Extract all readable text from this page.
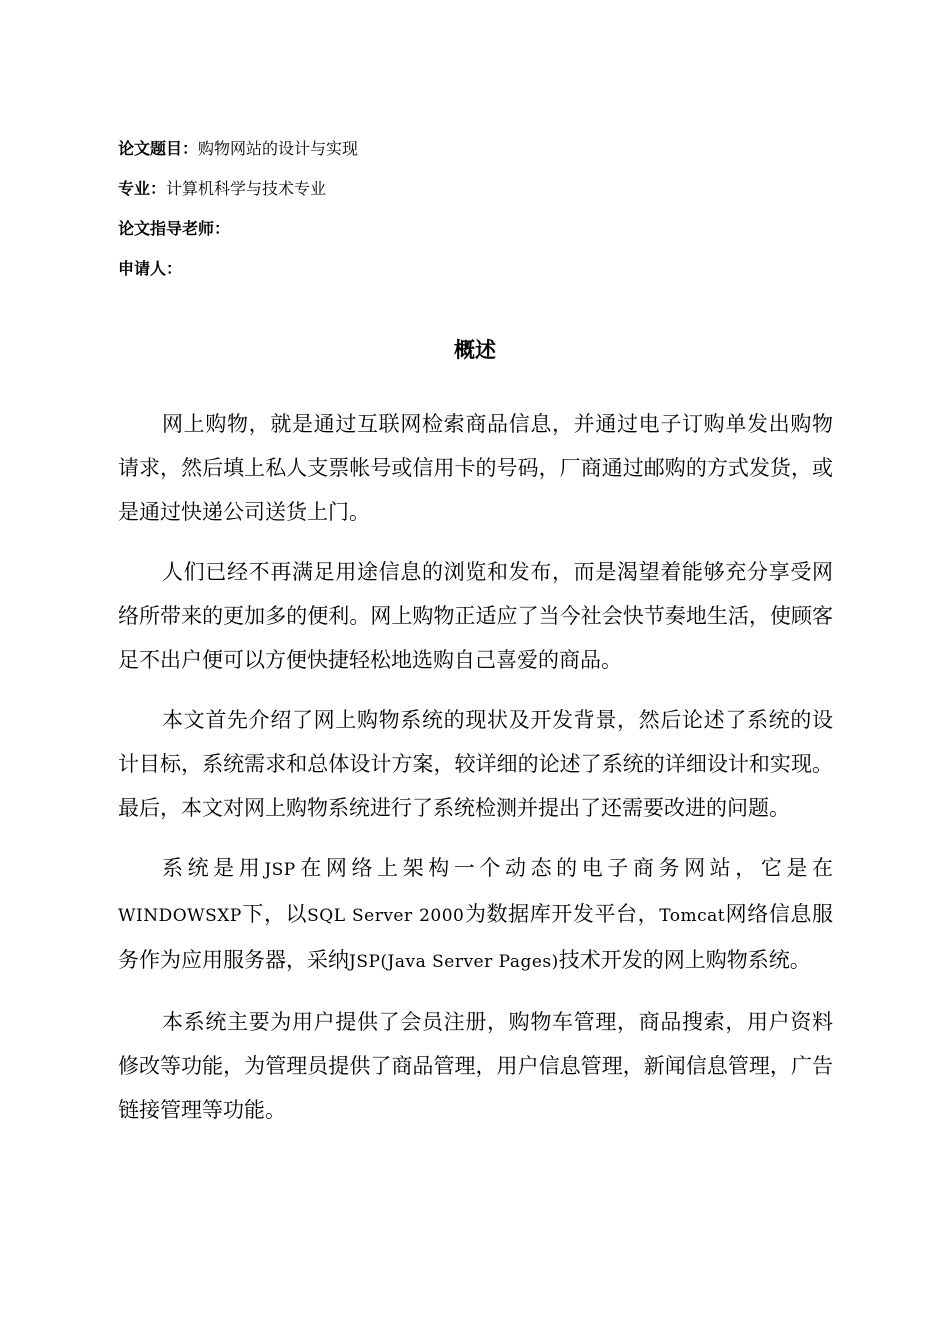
论文题目：购物网站的设计与实现
专业：计算机科学与技术专业
论文指导老师：
申请人：
概述

网上购物，就是通过互联网检索商品信息，并通过电子订购单发出购物请求，然后填上私人支票帐号或信用卡的号码，厂商通过邮购的方式发货，或是通过快递公司送货上门。

人们已经不再满足用途信息的浏览和发布，而是渴望着能够充分享受网络所带来的更加多的便利。网上购物正适应了当今社会快节奏地生活，使顾客足不出户便可以方便快捷轻松地选购自己喜爱的商品。

本文首先介绍了网上购物系统的现状及开发背景，然后论述了系统的设计目标，系统需求和总体设计方案，较详细的论述了系统的详细设计和实现。最后，本文对网上购物系统进行了系统检测并提出了还需要改进的问题。

系统是用JSP在网络上架构一个动态的电子商务网站，它是在WINDOWSXP下，以SQL Server 2000为数据库开发平台，Tomcat网络信息服务作为应用服务器，采纳JSP(Java Server Pages)技术开发的网上购物系统。

本系统主要为用户提供了会员注册，购物车管理，商品搜索，用户资料修改等功能，为管理员提供了商品管理，用户信息管理，新闻信息管理，广告链接管理等功能。
